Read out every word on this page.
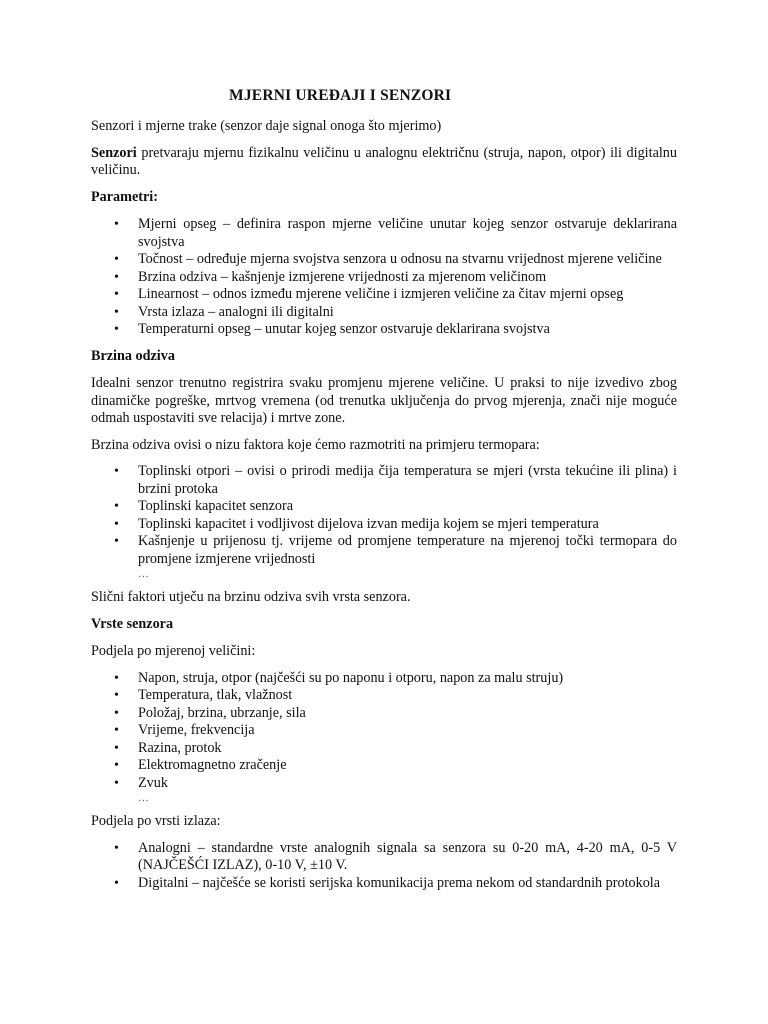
MJERNI UREĐAJI I SENZORI

Senzori i mjerne trake (senzor daje signal onoga što mjerimo)

Senzori pretvaraju mjernu fizikalnu veličinu u analognu električnu (struja, napon, otpor) ili digitalnu veličinu.

Parametri:
• Mjerni opseg – definira raspon mjerne veličine unutar kojeg senzor ostvaruje deklarirana svojstva
• Točnost – određuje mjerna svojstva senzora u odnosu na stvarnu vrijednost mjerene veličine
• Brzina odziva – kašnjenje izmjerene vrijednosti za mjerenom veličinom
• Linearnost – odnos između mjerene veličine i izmjeren veličine za čitav mjerni opseg
• Vrsta izlaza – analogni ili digitalni
• Temperaturni opseg – unutar kojeg senzor ostvaruje deklarirana svojstva
Brzina odziva

Idealni senzor trenutno registrira svaku promjenu mjerene veličine. U praksi to nije izvedivo zbog dinamičke pogreške, mrtvog vremena (od trenutka uključenja do prvog mjerenja, znači nije moguće odmah uspostaviti sve relacija) i mrtve zone.

Brzina odziva ovisi o nizu faktora koje ćemo razmotriti na primjeru termopara:

• Toplinski otpori – ovisi o prirodi medija čija temperatura se mjeri (vrsta tekućine ili plina) i brzini protoka
• Toplinski kapacitet senzora
• Toplinski kapacitet i vodljivost dijelova izvan medija kojem se mjeri temperatura
• Kašnjenje u prijenosu tj. vrijeme od promjene temperature na mjerenoj točki termopara do promjene izmjerene vrijednosti
…

Slični faktori utječu na brzinu odziva svih vrsta senzora.

Vrste senzora

Podjela po mjerenoj veličini:

• Napon, struja, otpor (najčešći su po naponu i otporu, napon za malu struju)
• Temperatura, tlak, vlažnost
• Položaj, brzina, ubrzanje, sila
• Vrijeme, frekvencija
• Razina, protok
• Elektromagnetno zračenje
• Zvuk
…

Podjela po vrsti izlaza:

• Analogni – standardne vrste analognih signala sa senzora su 0-20 mA, 4-20 mA, 0-5 V (NAJČEŠĆI IZLAZ), 0-10 V, ±10 V.
• Digitalni – najčešće se koristi serijska komunikacija prema nekom od standardnih protokola
